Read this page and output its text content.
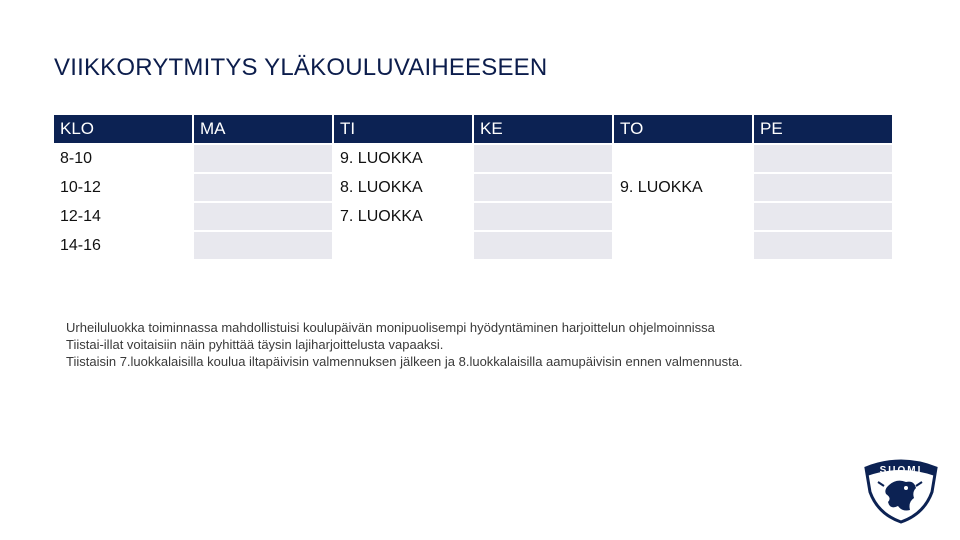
VIIKKORYTMITYS YLÄKOULUVAIHEESEEN
KLO	MA	TI	KE	TO	PE
8-10		9. LUOKKA			
10-12		8. LUOKKA		9. LUOKKA	
12-14		7. LUOKKA			
14-16					
Urheiluluokka toiminnassa mahdollistuisi koulupäivän monipuolisempi hyödyntäminen harjoittelun ohjelmoinnissa
Tiistai-illat voitaisiin näin pyhittää täysin lajiharjoittelusta vapaaksi.
Tiistaisin 7.luokkalaisilla koulua iltapäivisin valmennuksen jälkeen ja 8.luokkalaisilla aamupäivisin ennen valmennusta.
SUOMI
